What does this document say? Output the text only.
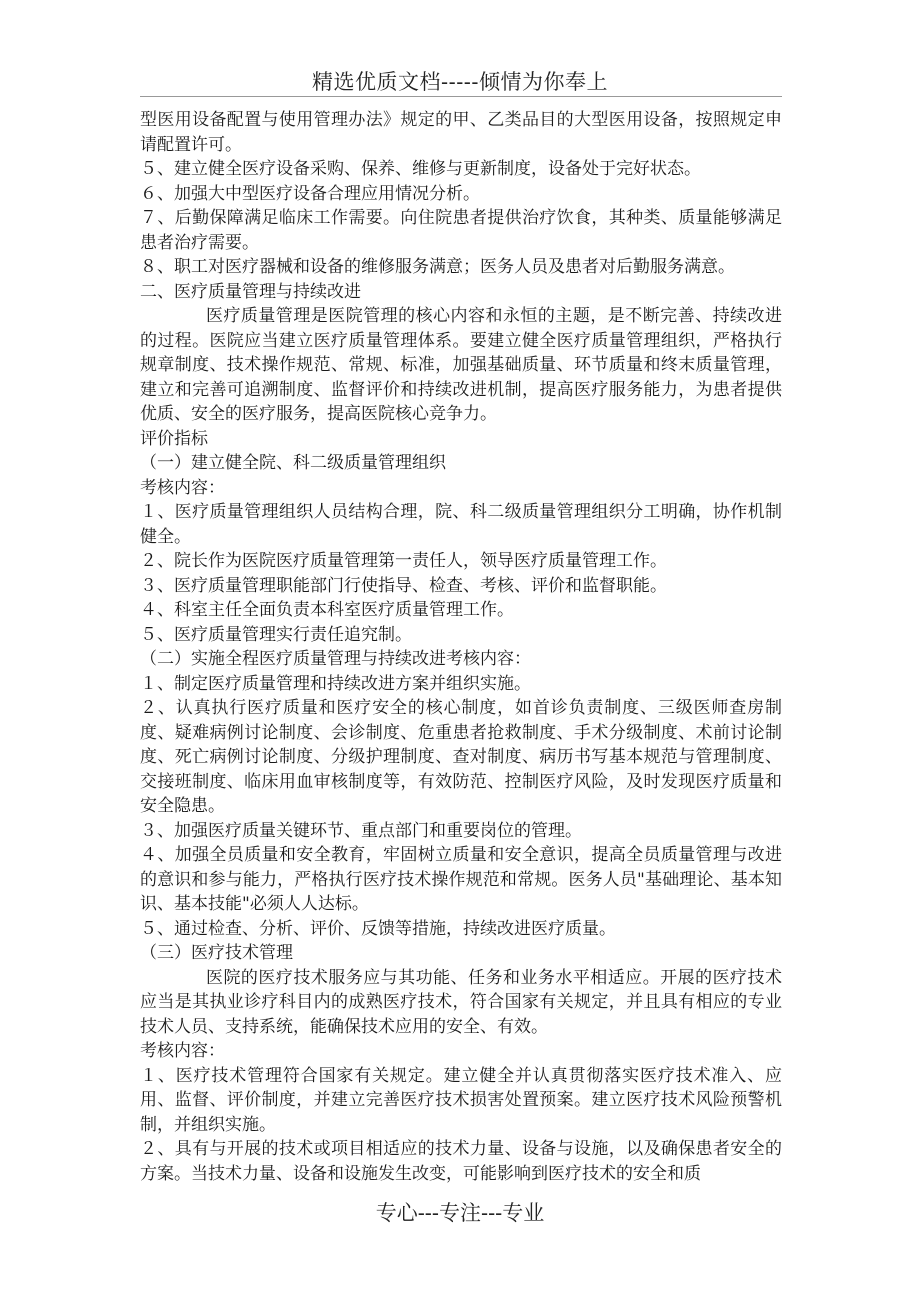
精选优质文档-----倾情为你奉上

型医用设备配置与使用管理办法》规定的甲、乙类品目的大型医用设备，按照规定申请配置许可。

５、建立健全医疗设备采购、保养、维修与更新制度，设备处于完好状态。

６、加强大中型医疗设备合理应用情况分析。

７、后勤保障满足临床工作需要。向住院患者提供治疗饮食，其种类、质量能够满足患者治疗需要。

８、职工对医疗器械和设备的维修服务满意；医务人员及患者对后勤服务满意。

二、医疗质量管理与持续改进

医疗质量管理是医院管理的核心内容和永恒的主题，是不断完善、持续改进的过程。医院应当建立医疗质量管理体系。要建立健全医疗质量管理组织，严格执行规章制度、技术操作规范、常规、标准，加强基础质量、环节质量和终末质量管理，建立和完善可追溯制度、监督评价和持续改进机制，提高医疗服务能力，为患者提供优质、安全的医疗服务，提高医院核心竞争力。

评价指标

（一）建立健全院、科二级质量管理组织

考核内容：

１、医疗质量管理组织人员结构合理，院、科二级质量管理组织分工明确，协作机制健全。

２、院长作为医院医疗质量管理第一责任人，领导医疗质量管理工作。

３、医疗质量管理职能部门行使指导、检查、考核、评价和监督职能。

４、科室主任全面负责本科室医疗质量管理工作。

５、医疗质量管理实行责任追究制。

（二）实施全程医疗质量管理与持续改进考核内容：

１、制定医疗质量管理和持续改进方案并组织实施。

２、认真执行医疗质量和医疗安全的核心制度，如首诊负责制度、三级医师查房制度、疑难病例讨论制度、会诊制度、危重患者抢救制度、手术分级制度、术前讨论制度、死亡病例讨论制度、分级护理制度、查对制度、病历书写基本规范与管理制度、交接班制度、临床用血审核制度等，有效防范、控制医疗风险，及时发现医疗质量和安全隐患。

３、加强医疗质量关键环节、重点部门和重要岗位的管理。

４、加强全员质量和安全教育，牢固树立质量和安全意识，提高全员质量管理与改进的意识和参与能力，严格执行医疗技术操作规范和常规。医务人员"基础理论、基本知识、基本技能"必须人人达标。

５、通过检查、分析、评价、反馈等措施，持续改进医疗质量。

（三）医疗技术管理

医院的医疗技术服务应与其功能、任务和业务水平相适应。开展的医疗技术应当是其执业诊疗科目内的成熟医疗技术，符合国家有关规定，并且具有相应的专业技术人员、支持系统，能确保技术应用的安全、有效。

考核内容：

１、医疗技术管理符合国家有关规定。建立健全并认真贯彻落实医疗技术准入、应用、监督、评价制度，并建立完善医疗技术损害处置预案。建立医疗技术风险预警机制，并组织实施。

２、具有与开展的技术或项目相适应的技术力量、设备与设施，以及确保患者安全的方案。当技术力量、设备和设施发生改变，可能影响到医疗技术的安全和质

专心---专注---专业
